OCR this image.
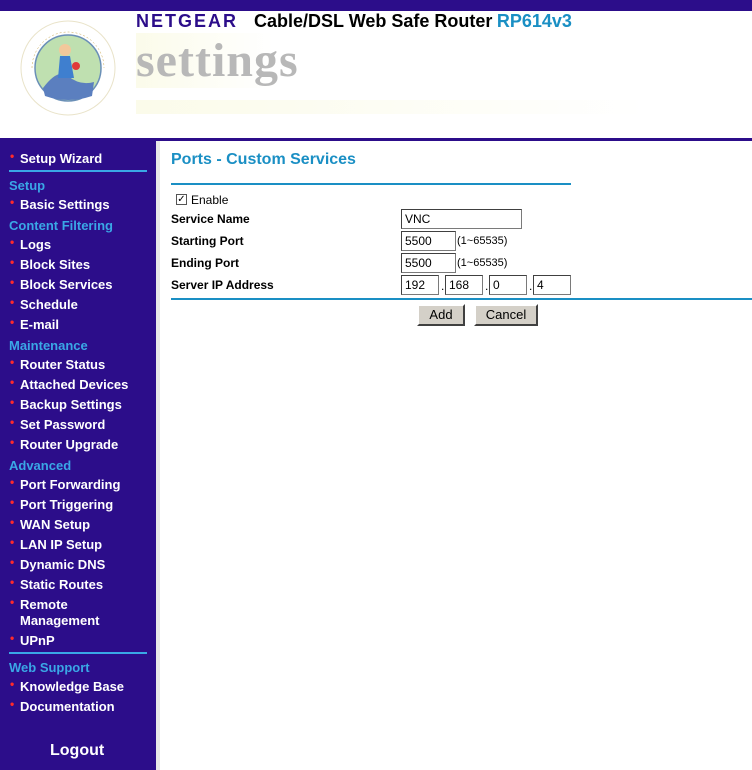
NETGEAR Cable/DSL Web Safe Router RP614v3
settings
• Setup Wizard
Setup
• Basic Settings
Content Filtering
• Logs
• Block Sites
• Block Services
• Schedule
• E-mail
Maintenance
• Router Status
• Attached Devices
• Backup Settings
• Set Password
• Router Upgrade
Advanced
• Port Forwarding
• Port Triggering
• WAN Setup
• LAN IP Setup
• Dynamic DNS
• Static Routes
• Remote
Management
• UPnP
Web Support
• Knowledge Base
• Documentation
Logout
Ports - Custom Services
✓ Enable
Service Name
VNC
Starting Port
5500	(1~65535)
Ending Port
5500	(1~65535)
Server IP Address
192	.
168	.
0	.
4
Add	Cancel
